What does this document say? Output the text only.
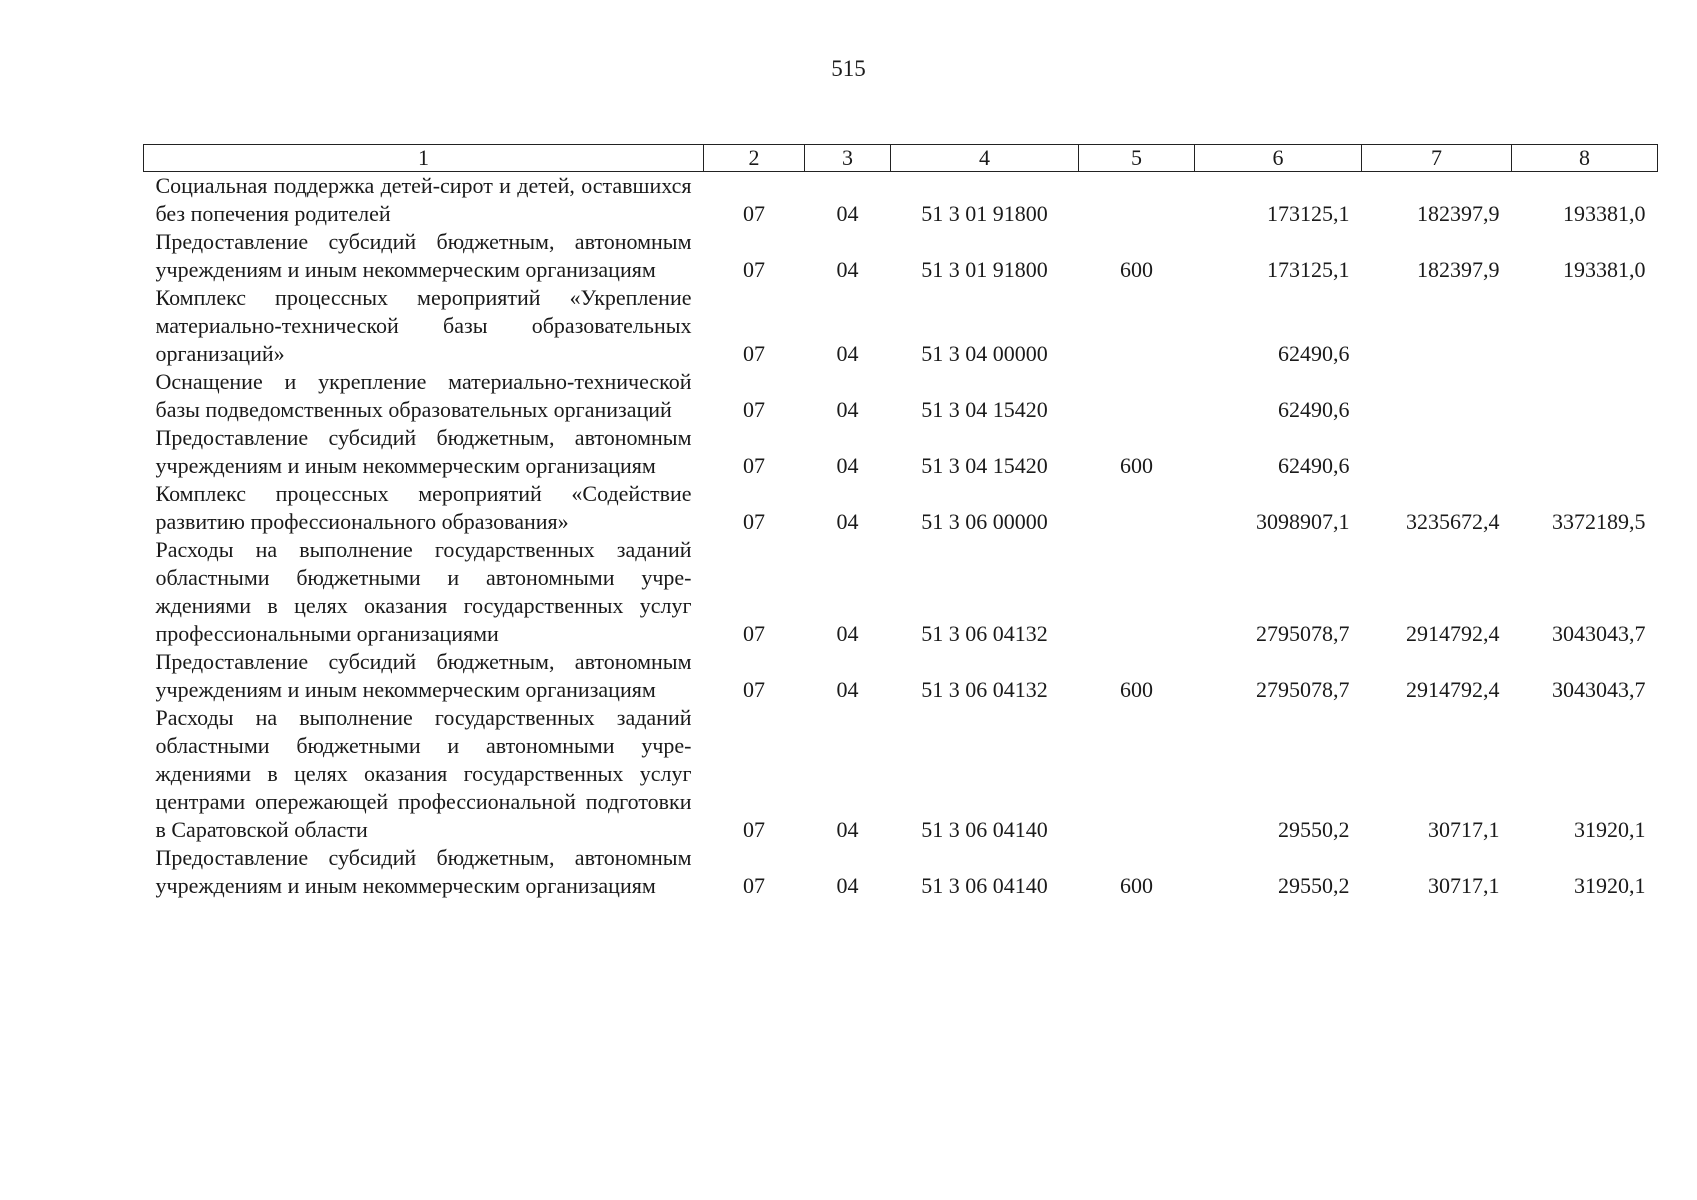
515
1	2	3	4	5	6	7	8
Социальная поддержка детей-сирот и детей, оставшихся без попечения родителей	07	04	51 3 01 91800		173125,1	182397,9	193381,0
Предоставление субсидий бюджетным, автономным учреждениям и иным некоммерческим организациям	07	04	51 3 01 91800	600	173125,1	182397,9	193381,0
Комплекс процессных мероприятий «Укрепление материально-технической базы образовательных организаций»	07	04	51 3 04 00000		62490,6		
Оснащение и укрепление материально-технической базы подведомственных образовательных организаций	07	04	51 3 04 15420		62490,6		
Предоставление субсидий бюджетным, автономным учреждениям и иным некоммерческим организациям	07	04	51 3 04 15420	600	62490,6		
Комплекс процессных мероприятий «Содействие развитию профессионального образования»	07	04	51 3 06 00000		3098907,1	3235672,4	3372189,5
Расходы на выполнение государственных заданий областными бюджетными и автономными учреждениями в целях оказания государственных услуг профессиональными организациями	07	04	51 3 06 04132		2795078,7	2914792,4	3043043,7
Предоставление субсидий бюджетным, автономным учреждениям и иным некоммерческим организациям	07	04	51 3 06 04132	600	2795078,7	2914792,4	3043043,7
Расходы на выполнение государственных заданий областными бюджетными и автономными учреждениями в целях оказания государственных услуг центрами опережающей профессиональной подготовки в Саратовской области	07	04	51 3 06 04140		29550,2	30717,1	31920,1
Предоставление субсидий бюджетным, автономным учреждениям и иным некоммерческим организациям	07	04	51 3 06 04140	600	29550,2	30717,1	31920,1
